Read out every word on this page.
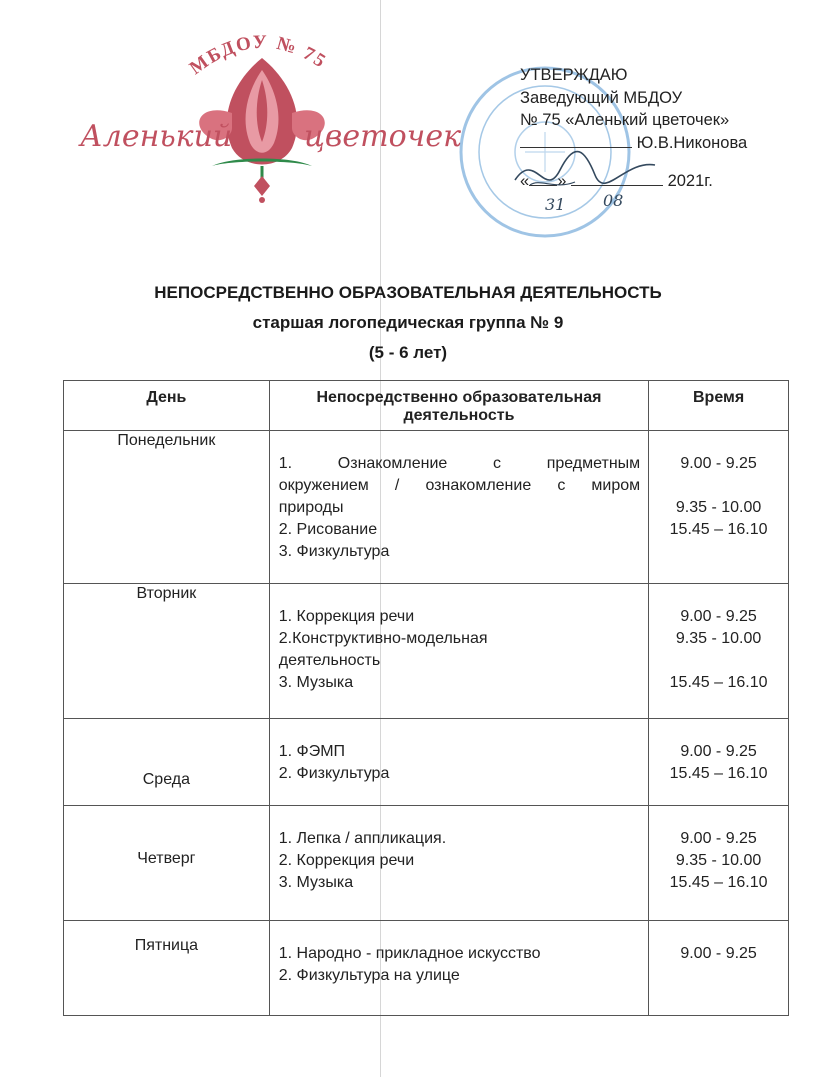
МБДОУ № 75
Аленький цветочек
УТВЕРЖДАЮ
Заведующий МБДОУ
№ 75 «Аленький цветочек»
Ю.В.Никонова
« »	2021г.
31 08
НЕПОСРЕДСТВЕННО ОБРАЗОВАТЕЛЬНАЯ ДЕЯТЕЛЬНОСТЬ
старшая логопедическая группа № 9
(5 - 6 лет)
День	Непосредственно образовательная деятельность	Время
Понедельник	1. Ознакомление с предметным
окружением / ознакомление с миром
природы
2. Рисование
3. Физкультура	9.00 - 9.25
9.35 - 10.00
15.45 – 16.10

Вторник	1. Коррекция речи
2.Конструктивно-модельная
деятельность
3. Музыка	9.00 - 9.25
9.35 - 10.00
15.45 – 16.10

Среда	1. ФЭМП
2. Физкультура	9.00 - 9.25
15.45 – 16.10

Четверг	1. Лепка / аппликация.
2. Коррекция речи
3. Музыка	9.00 - 9.25
9.35 - 10.00
15.45 – 16.10

Пятница	1. Народно - прикладное искусство
2. Физкультура на улице	9.00 - 9.25
